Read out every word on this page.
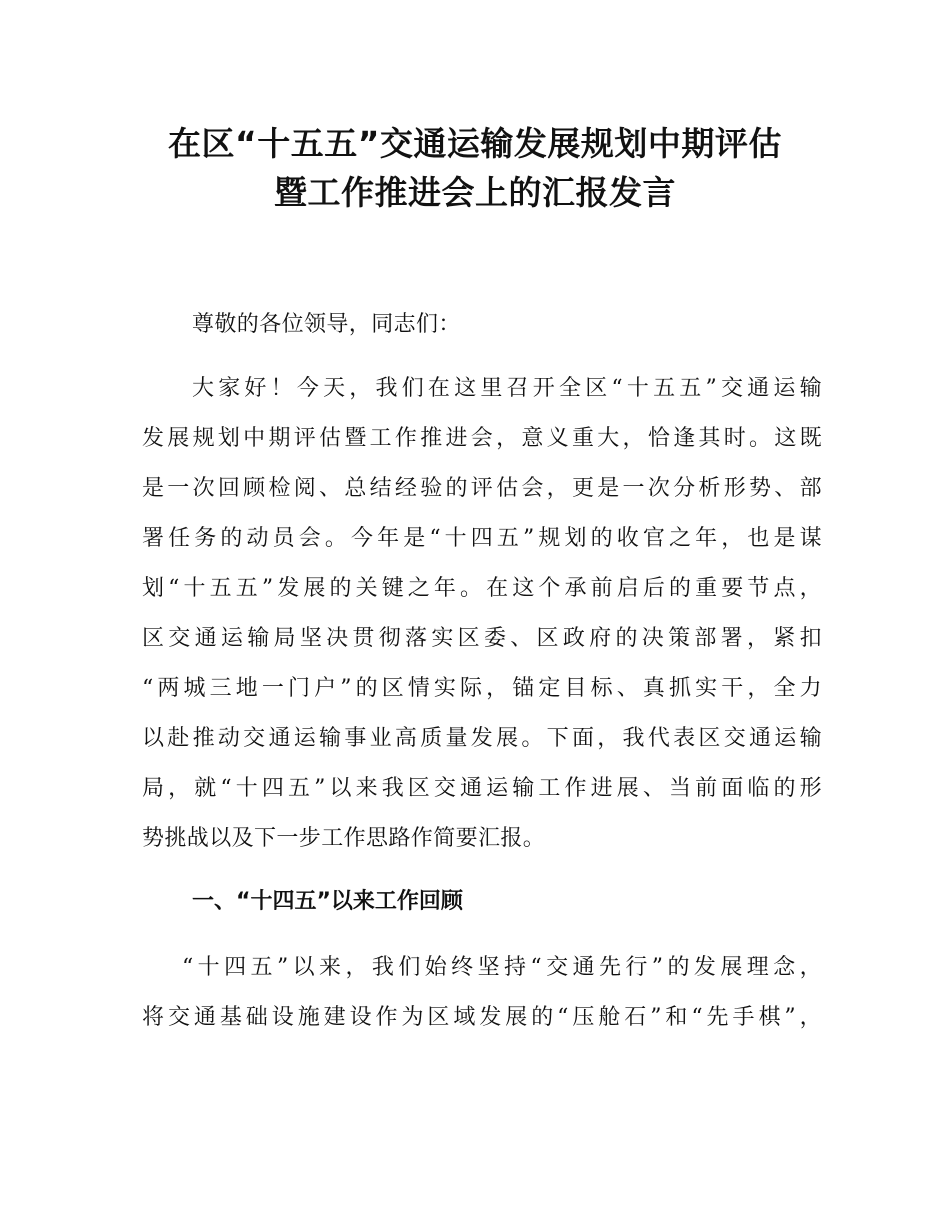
在区“十五五”交通运输发展规划中期评估
暨工作推进会上的汇报发言
尊敬的各位领导，同志们：
大家好！今天，我们在这里召开全区“十五五”交通运输
发展规划中期评估暨工作推进会，意义重大，恰逢其时。这既
是一次回顾检阅、总结经验的评估会，更是一次分析形势、部
署任务的动员会。今年是“十四五”规划的收官之年，也是谋
划“十五五”发展的关键之年。在这个承前启后的重要节点，
区交通运输局坚决贯彻落实区委、区政府的决策部署，紧扣
“两城三地一门户”的区情实际，锚定目标、真抓实干，全力
以赴推动交通运输事业高质量发展。下面，我代表区交通运输
局，就“十四五”以来我区交通运输工作进展、当前面临的形
势挑战以及下一步工作思路作简要汇报。
一、“十四五”以来工作回顾
“十四五”以来，我们始终坚持“交通先行”的发展理念，
将交通基础设施建设作为区域发展的“压舱石”和“先手棋”，
